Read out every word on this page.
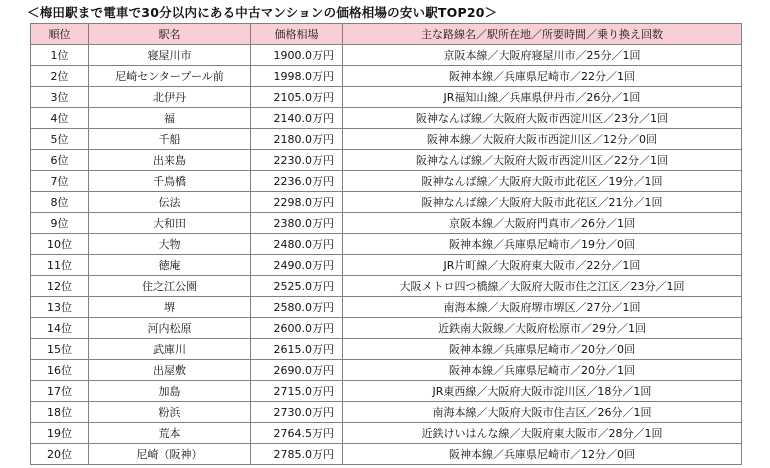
＜梅田駅まで電車で30分以内にある中古マンションの価格相場の安い駅TOP20＞
順位	駅名	価格相場	主な路線名／駅所在地／所要時間／乗り換え回数
1位	寝屋川市	1900.0万円	京阪本線／大阪府寝屋川市／25分／1回
2位	尼崎センタープール前	1998.0万円	阪神本線／兵庫県尼崎市／22分／1回
3位	北伊丹	2105.0万円	JR福知山線／兵庫県伊丹市／26分／1回
4位	福	2140.0万円	阪神なんば線／大阪府大阪市西淀川区／23分／1回
5位	千船	2180.0万円	阪神本線／大阪府大阪市西淀川区／12分／0回
6位	出来島	2230.0万円	阪神なんば線／大阪府大阪市西淀川区／22分／1回
7位	千鳥橋	2236.0万円	阪神なんば線／大阪府大阪市此花区／19分／1回
8位	伝法	2298.0万円	阪神なんば線／大阪府大阪市此花区／21分／1回
9位	大和田	2380.0万円	京阪本線／大阪府門真市／26分／1回
10位	大物	2480.0万円	阪神本線／兵庫県尼崎市／19分／0回
11位	徳庵	2490.0万円	JR片町線／大阪府東大阪市／22分／1回
12位	住之江公園	2525.0万円	大阪メトロ四つ橋線／大阪府大阪市住之江区／23分／1回
13位	堺	2580.0万円	南海本線／大阪府堺市堺区／27分／1回
14位	河内松原	2600.0万円	近鉄南大阪線／大阪府松原市／29分／1回
15位	武庫川	2615.0万円	阪神本線／兵庫県尼崎市／20分／0回
16位	出屋敷	2690.0万円	阪神本線／兵庫県尼崎市／20分／1回
17位	加島	2715.0万円	JR東西線／大阪府大阪市淀川区／18分／1回
18位	粉浜	2730.0万円	南海本線／大阪府大阪市住吉区／26分／1回
19位	荒本	2764.5万円	近鉄けいはんな線／大阪府東大阪市／28分／1回
20位	尼崎（阪神）	2785.0万円	阪神本線／兵庫県尼崎市／12分／0回
